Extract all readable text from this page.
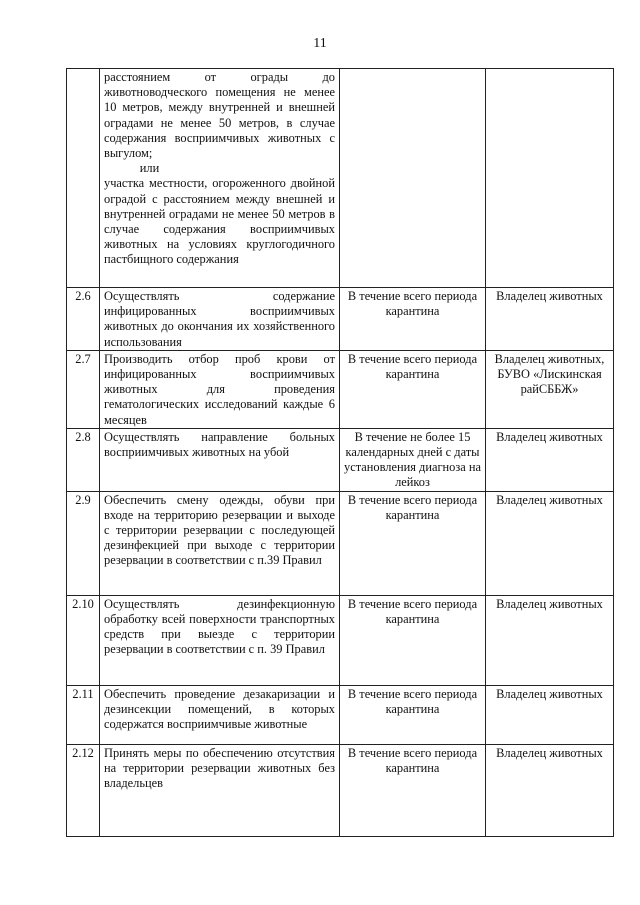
11

	расстоянием от ограды до животноводческого помещения не менее 10 метров, между внутренней и внешней оградами не менее 50 метров, в случае содержания восприимчивых животных с выгулом;
или
участка местности, огороженного двойной оградой с расстоянием между внешней и внутренней оградами не менее 50 метров в случае содержания восприимчивых животных на условиях круглогодичного пастбищного содержания		

2.6	Осуществлять содержание инфицированных восприимчивых животных до окончания их хозяйственного использования	В течение всего периода карантина	Владелец животных
2.7	Производить отбор проб крови от инфицированных восприимчивых животных для проведения гематологических исследований каждые 6 месяцев	В течение всего периода карантина	Владелец животных, БУВО «Лискинская райСББЖ»
2.8	Осуществлять направление больных восприимчивых животных на убой	В течение не более 15 календарных дней с даты установления диагноза на лейкоз	Владелец животных
2.9	Обеспечить смену одежды, обуви при входе на территорию резервации и выходе с территории резервации с последующей дезинфекцией при выходе с территории резервации в соответствии с п.39 Правил	В течение всего периода карантина	Владелец животных
2.10	Осуществлять дезинфекционную обработку всей поверхности транспортных средств при выезде с территории резервации в соответствии с п. 39 Правил	В течение всего периода карантина	Владелец животных
2.11	Обеспечить проведение дезакаризации и дезинсекции помещений, в которых содержатся восприимчивые животные	В течение всего периода карантина	Владелец животных
2.12	Принять меры по обеспечению отсутствия на территории резервации животных без владельцев	В течение всего периода карантина	Владелец животных
